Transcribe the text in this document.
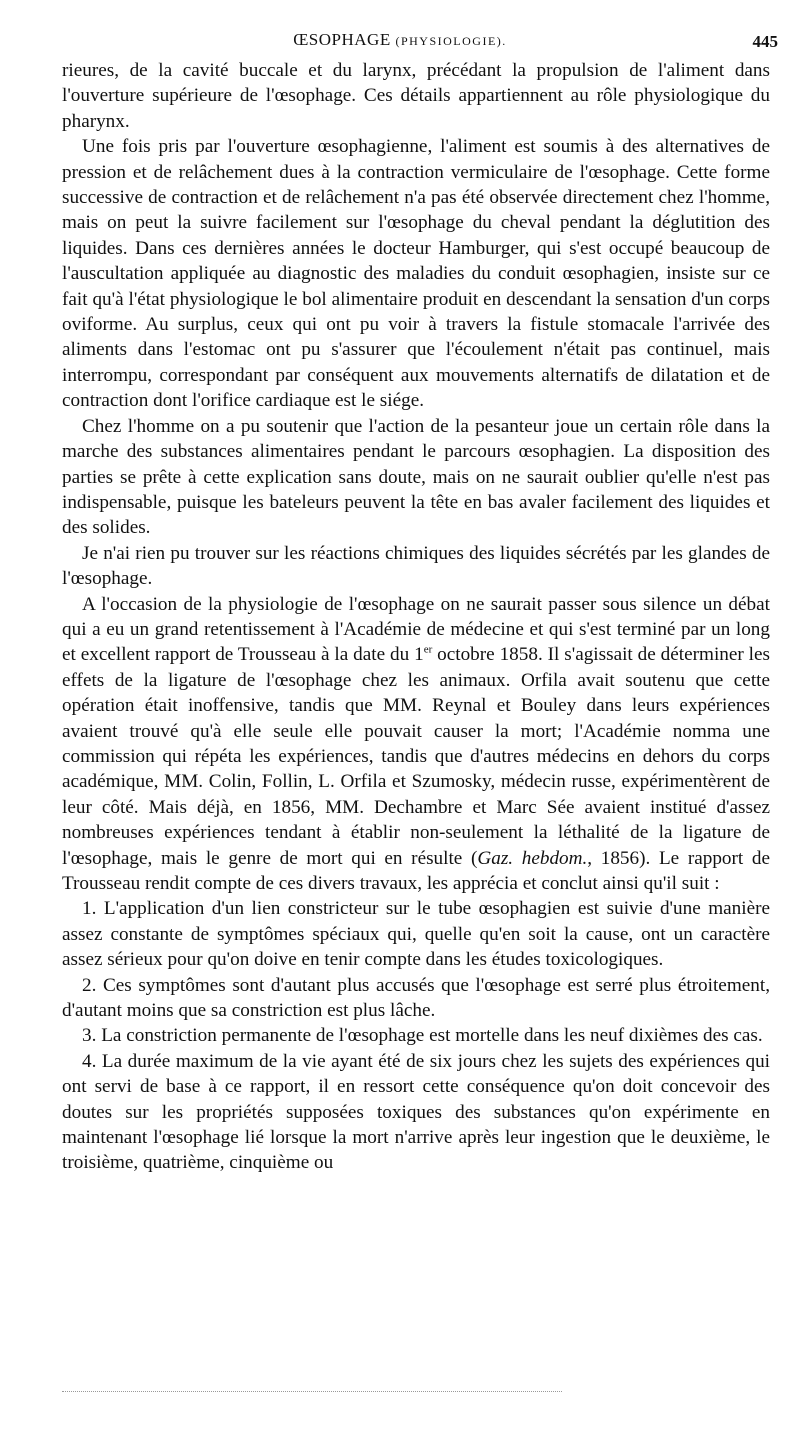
ŒSOPHAGE (PHYSIOLOGIE).	445

rieures, de la cavité buccale et du larynx, précédant la propulsion de l'aliment dans l'ouverture supérieure de l'œsophage. Ces détails appartiennent au rôle physiologique du pharynx.

Une fois pris par l'ouverture œsophagienne, l'aliment est soumis à des alternatives de pression et de relâchement dues à la contraction vermiculaire de l'œsophage. Cette forme successive de contraction et de relâchement n'a pas été observée directement chez l'homme, mais on peut la suivre facilement sur l'œsophage du cheval pendant la déglutition des liquides. Dans ces dernières années le docteur Hamburger, qui s'est occupé beaucoup de l'auscultation appliquée au diagnostic des maladies du conduit œsophagien, insiste sur ce fait qu'à l'état physiologique le bol alimentaire produit en descendant la sensation d'un corps oviforme. Au surplus, ceux qui ont pu voir à travers la fistule stomacale l'arrivée des aliments dans l'estomac ont pu s'assurer que l'écoulement n'était pas continuel, mais interrompu, correspondant par conséquent aux mouvements alternatifs de dilatation et de contraction dont l'orifice cardiaque est le siége.

Chez l'homme on a pu soutenir que l'action de la pesanteur joue un certain rôle dans la marche des substances alimentaires pendant le parcours œsophagien. La disposition des parties se prête à cette explication sans doute, mais on ne saurait oublier qu'elle n'est pas indispensable, puisque les bateleurs peuvent la tête en bas avaler facilement des liquides et des solides.

Je n'ai rien pu trouver sur les réactions chimiques des liquides sécrétés par les glandes de l'œsophage.

A l'occasion de la physiologie de l'œsophage on ne saurait passer sous silence un débat qui a eu un grand retentissement à l'Académie de médecine et qui s'est terminé par un long et excellent rapport de Trousseau à la date du 1er octobre 1858. Il s'agissait de déterminer les effets de la ligature de l'œsophage chez les animaux. Orfila avait soutenu que cette opération était inoffensive, tandis que MM. Reynal et Bouley dans leurs expériences avaient trouvé qu'à elle seule elle pouvait causer la mort; l'Académie nomma une commission qui répéta les expériences, tandis que d'autres médecins en dehors du corps académique, MM. Colin, Follin, L. Orfila et Szumosky, médecin russe, expérimentèrent de leur côté. Mais déjà, en 1856, MM. Dechambre et Marc Sée avaient institué d'assez nombreuses expériences tendant à établir non-seulement la léthalité de la ligature de l'œsophage, mais le genre de mort qui en résulte (Gaz. hebdom., 1856). Le rapport de Trousseau rendit compte de ces divers travaux, les apprécia et conclut ainsi qu'il suit :

1. L'application d'un lien constricteur sur le tube œsophagien est suivie d'une manière assez constante de symptômes spéciaux qui, quelle qu'en soit la cause, ont un caractère assez sérieux pour qu'on doive en tenir compte dans les études toxicologiques.

2. Ces symptômes sont d'autant plus accusés que l'œsophage est serré plus étroitement, d'autant moins que sa constriction est plus lâche.

3. La constriction permanente de l'œsophage est mortelle dans les neuf dixièmes des cas.

4. La durée maximum de la vie ayant été de six jours chez les sujets des expériences qui ont servi de base à ce rapport, il en ressort cette conséquence qu'on doit concevoir des doutes sur les propriétés supposées toxiques des substances qu'on expérimente en maintenant l'œsophage lié lorsque la mort n'arrive après leur ingestion que le deuxième, le troisième, quatrième, cinquième ou
